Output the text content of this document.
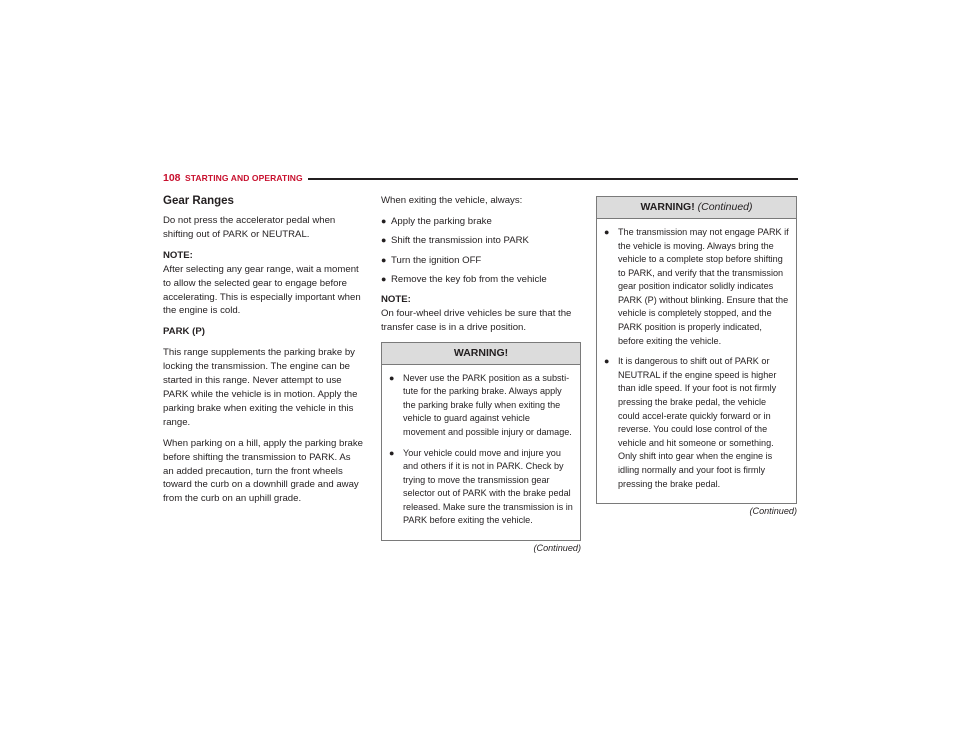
108 STARTING AND OPERATING
Gear Ranges

Do not press the accelerator pedal when shifting out of PARK or NEUTRAL.

NOTE:
After selecting any gear range, wait a moment to allow the selected gear to engage before accelerating. This is especially important when the engine is cold.

PARK (P)

This range supplements the parking brake by locking the transmission. The engine can be started in this range. Never attempt to use PARK while the vehicle is in motion. Apply the parking brake when exiting the vehicle in this range.

When parking on a hill, apply the parking brake before shifting the transmission to PARK. As an added precaution, turn the front wheels toward the curb on a downhill grade and away from the curb on an uphill grade.

When exiting the vehicle, always:

● Apply the parking brake
● Shift the transmission into PARK
● Turn the ignition OFF
● Remove the key fob from the vehicle

NOTE:
On four-wheel drive vehicles be sure that the transfer case is in a drive position.

WARNING!
● Never use the PARK position as a substi-tute for the parking brake. Always apply the parking brake fully when exiting the vehicle to guard against vehicle movement and possible injury or damage.
● Your vehicle could move and injure you and others if it is not in PARK. Check by trying to move the transmission gear selector out of PARK with the brake pedal released. Make sure the transmission is in PARK before exiting the vehicle.
(Continued)
WARNING! (Continued)
● The transmission may not engage PARK if the vehicle is moving. Always bring the vehicle to a complete stop before shifting to PARK, and verify that the transmission gear position indicator solidly indicates PARK (P) without blinking. Ensure that the vehicle is completely stopped, and the PARK position is properly indicated, before exiting the vehicle.
● It is dangerous to shift out of PARK or NEUTRAL if the engine speed is higher than idle speed. If your foot is not firmly pressing the brake pedal, the vehicle could accel-erate quickly forward or in reverse. You could lose control of the vehicle and hit someone or something. Only shift into gear when the engine is idling normally and your foot is firmly pressing the brake pedal.
(Continued)
